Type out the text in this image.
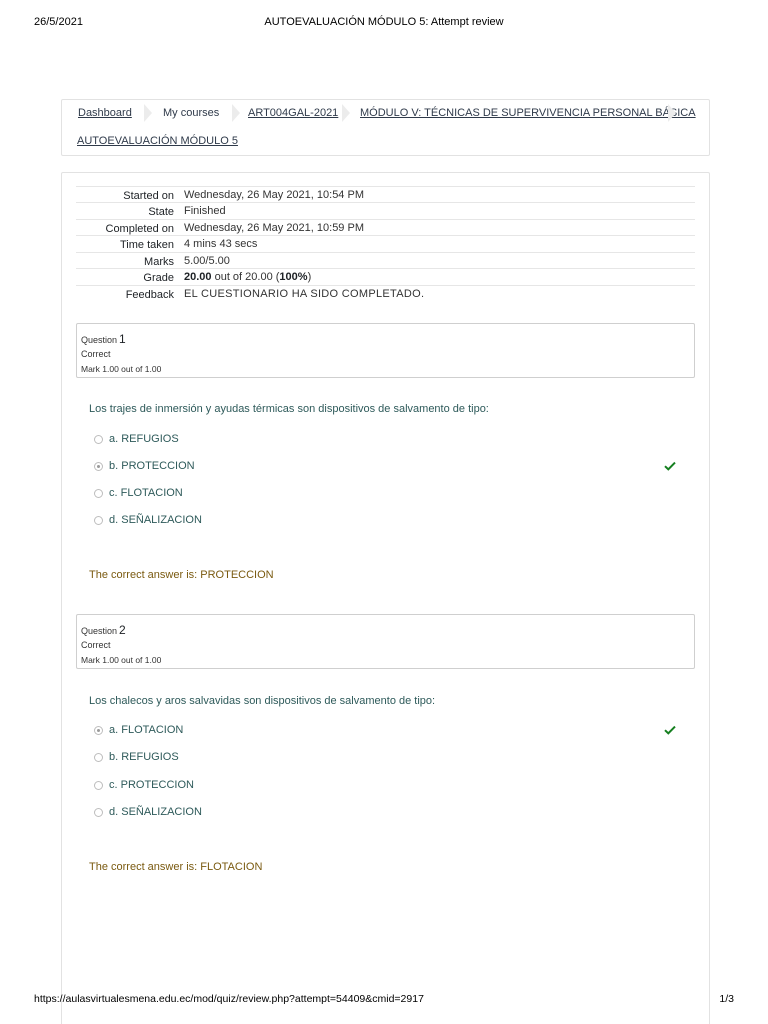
26/5/2021	AUTOEVALUACIÓN MÓDULO 5: Attempt review
Dashboard	My courses	ART004GAL-2021 MÓDULO V: TÉCNICAS DE SUPERVIVENCIA PERSONAL BÁSICA
AUTOEVALUACIÓN MÓDULO 5
Started on Wednesday, 26 May 2021, 10:54 PM
State Finished
Completed on Wednesday, 26 May 2021, 10:59 PM
Time taken 4 mins 43 secs
Marks 5.00/5.00
Grade 20.00 out of 20.00 (100%)
Feedback EL CUESTIONARIO HA SIDO COMPLETADO.
Question 1
Correct
Mark 1.00 out of 1.00
Los trajes de inmersión y ayudas térmicas son dispositivos de salvamento de tipo:
a. REFUGIOS
b. PROTECCION
c. FLOTACION
d. SEÑALIZACION
The correct answer is: PROTECCION
Question 2
Correct
Mark 1.00 out of 1.00
Los chalecos y aros salvavidas son dispositivos de salvamento de tipo:
a. FLOTACION
b. REFUGIOS
c. PROTECCION
d. SEÑALIZACION
The correct answer is: FLOTACION
https://aulasvirtualesmena.edu.ec/mod/quiz/review.php?attempt=54409&cmid=2917	1/3
